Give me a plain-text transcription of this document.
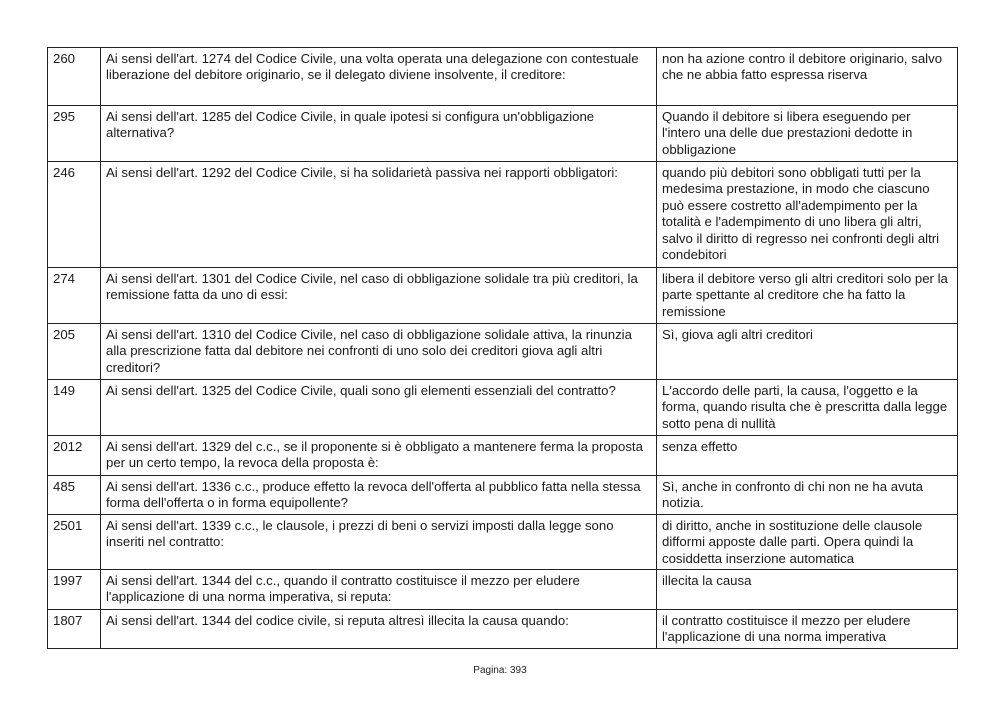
260	Ai sensi dell'art. 1274 del Codice Civile, una volta operata una delegazione con contestuale liberazione del debitore originario, se il delegato diviene insolvente, il creditore:	non ha azione contro il debitore originario, salvo che ne abbia fatto espressa riserva
295	Ai sensi dell'art. 1285 del Codice Civile, in quale ipotesi si configura un'obbligazione alternativa?	Quando il debitore si libera eseguendo per l'intero una delle due prestazioni dedotte in obbligazione
246	Ai sensi dell'art. 1292 del Codice Civile, si ha solidarietà passiva nei rapporti obbligatori:	quando più debitori sono obbligati tutti per la medesima prestazione, in modo che ciascuno può essere costretto all'adempimento per la totalità e l'adempimento di uno libera gli altri, salvo il diritto di regresso nei confronti degli altri condebitori
274	Ai sensi dell'art. 1301 del Codice Civile, nel caso di obbligazione solidale tra più creditori, la remissione fatta da uno di essi:	libera il debitore verso gli altri creditori solo per la parte spettante al creditore che ha fatto la remissione
205	Ai sensi dell'art. 1310 del Codice Civile, nel caso di obbligazione solidale attiva, la rinunzia alla prescrizione fatta dal debitore nei confronti di uno solo dei creditori giova agli altri creditori?	Sì, giova agli altri creditori
149	Ai sensi dell'art. 1325 del Codice Civile, quali sono gli elementi essenziali del contratto?	L'accordo delle parti, la causa, l'oggetto e la forma, quando risulta che è prescritta dalla legge sotto pena di nullità
2012	Ai sensi dell'art. 1329 del c.c., se il proponente si è obbligato a mantenere ferma la proposta per un certo tempo, la revoca della proposta è:	senza effetto
485	Ai sensi dell'art. 1336 c.c., produce effetto la revoca dell'offerta al pubblico fatta nella stessa forma dell'offerta o in forma equipollente?	Sì, anche in confronto di chi non ne ha avuta notizia.
2501	Ai sensi dell'art. 1339 c.c., le clausole, i prezzi di beni o servizi imposti dalla legge sono inseriti nel contratto:	di diritto, anche in sostituzione delle clausole difformi apposte dalle parti. Opera quindi la cosiddetta inserzione automatica
1997	Ai sensi dell'art. 1344 del c.c., quando il contratto costituisce il mezzo per eludere l'applicazione di una norma imperativa, si reputa:	illecita la causa
1807	Ai sensi dell'art. 1344 del codice civile, si reputa altresì illecita la causa quando:	il contratto costituisce il mezzo per eludere l'applicazione di una norma imperativa
Pagina: 393
